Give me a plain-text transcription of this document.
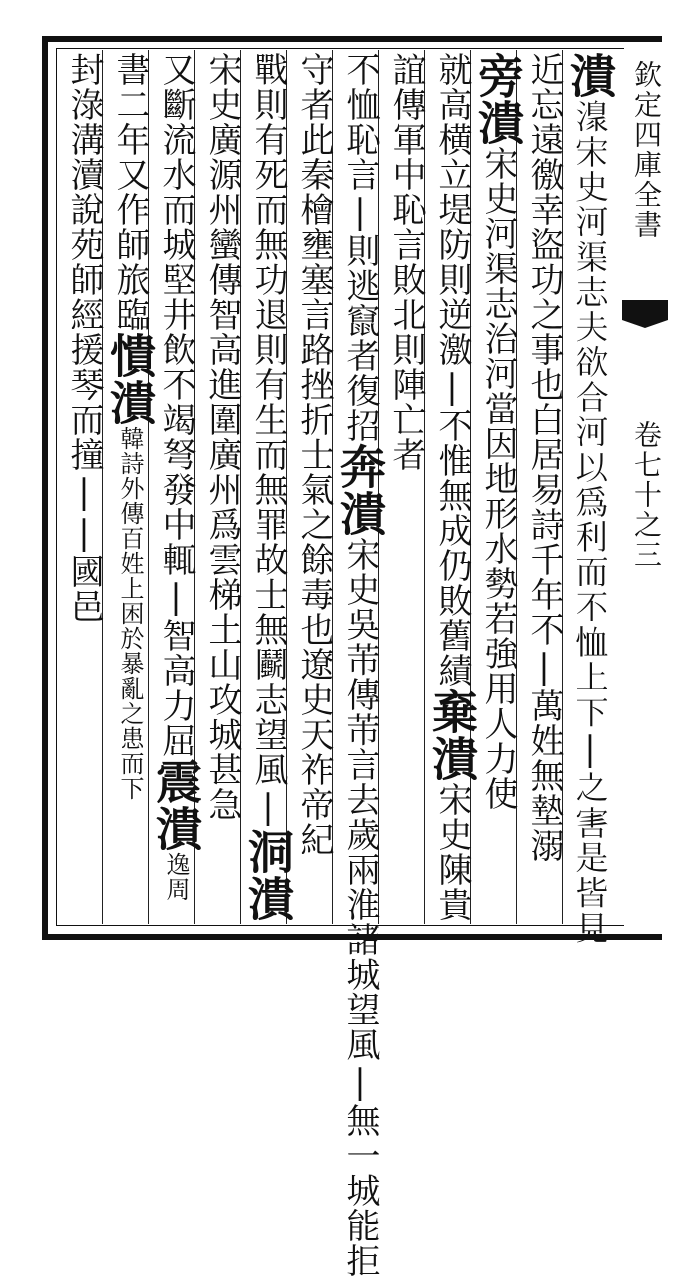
潰𣽍宋史河渠志夫欲合河以為利而不恤上下|之害是皆見
近忘遠徼幸盜功之事也白居易詩千年不|萬姓無墊溺
旁潰宋史河渠志治河當因地形水勢若強用人力使
就高横立堤防則逆激|不惟無成仍敗舊績棄潰宋史陳貴
誼傳軍中恥言敗北則陣亡者
不恤恥言|則逃竄者復招奔潰宋史吳芾傳芾言去歲兩淮諸城望風|無一城能拒
守者此秦檜壅塞言路挫折士氣之餘毒也遼史天祚帝紀
戰則有死而無功退則有生而無罪故士無鬬志望風|洞潰
宋史廣源州蠻傳智高進圍廣州爲雲梯土山攻城甚急
又斷流水而城堅井飲不竭弩發中輒|智高力屈震潰逸周
書二年又作師旅臨憒潰韓詩外傳百姓上困於暴亂之患而下
封淥溝瀆說苑師經援琴而撞||國邑
欽定四庫全書
卷七十之三
